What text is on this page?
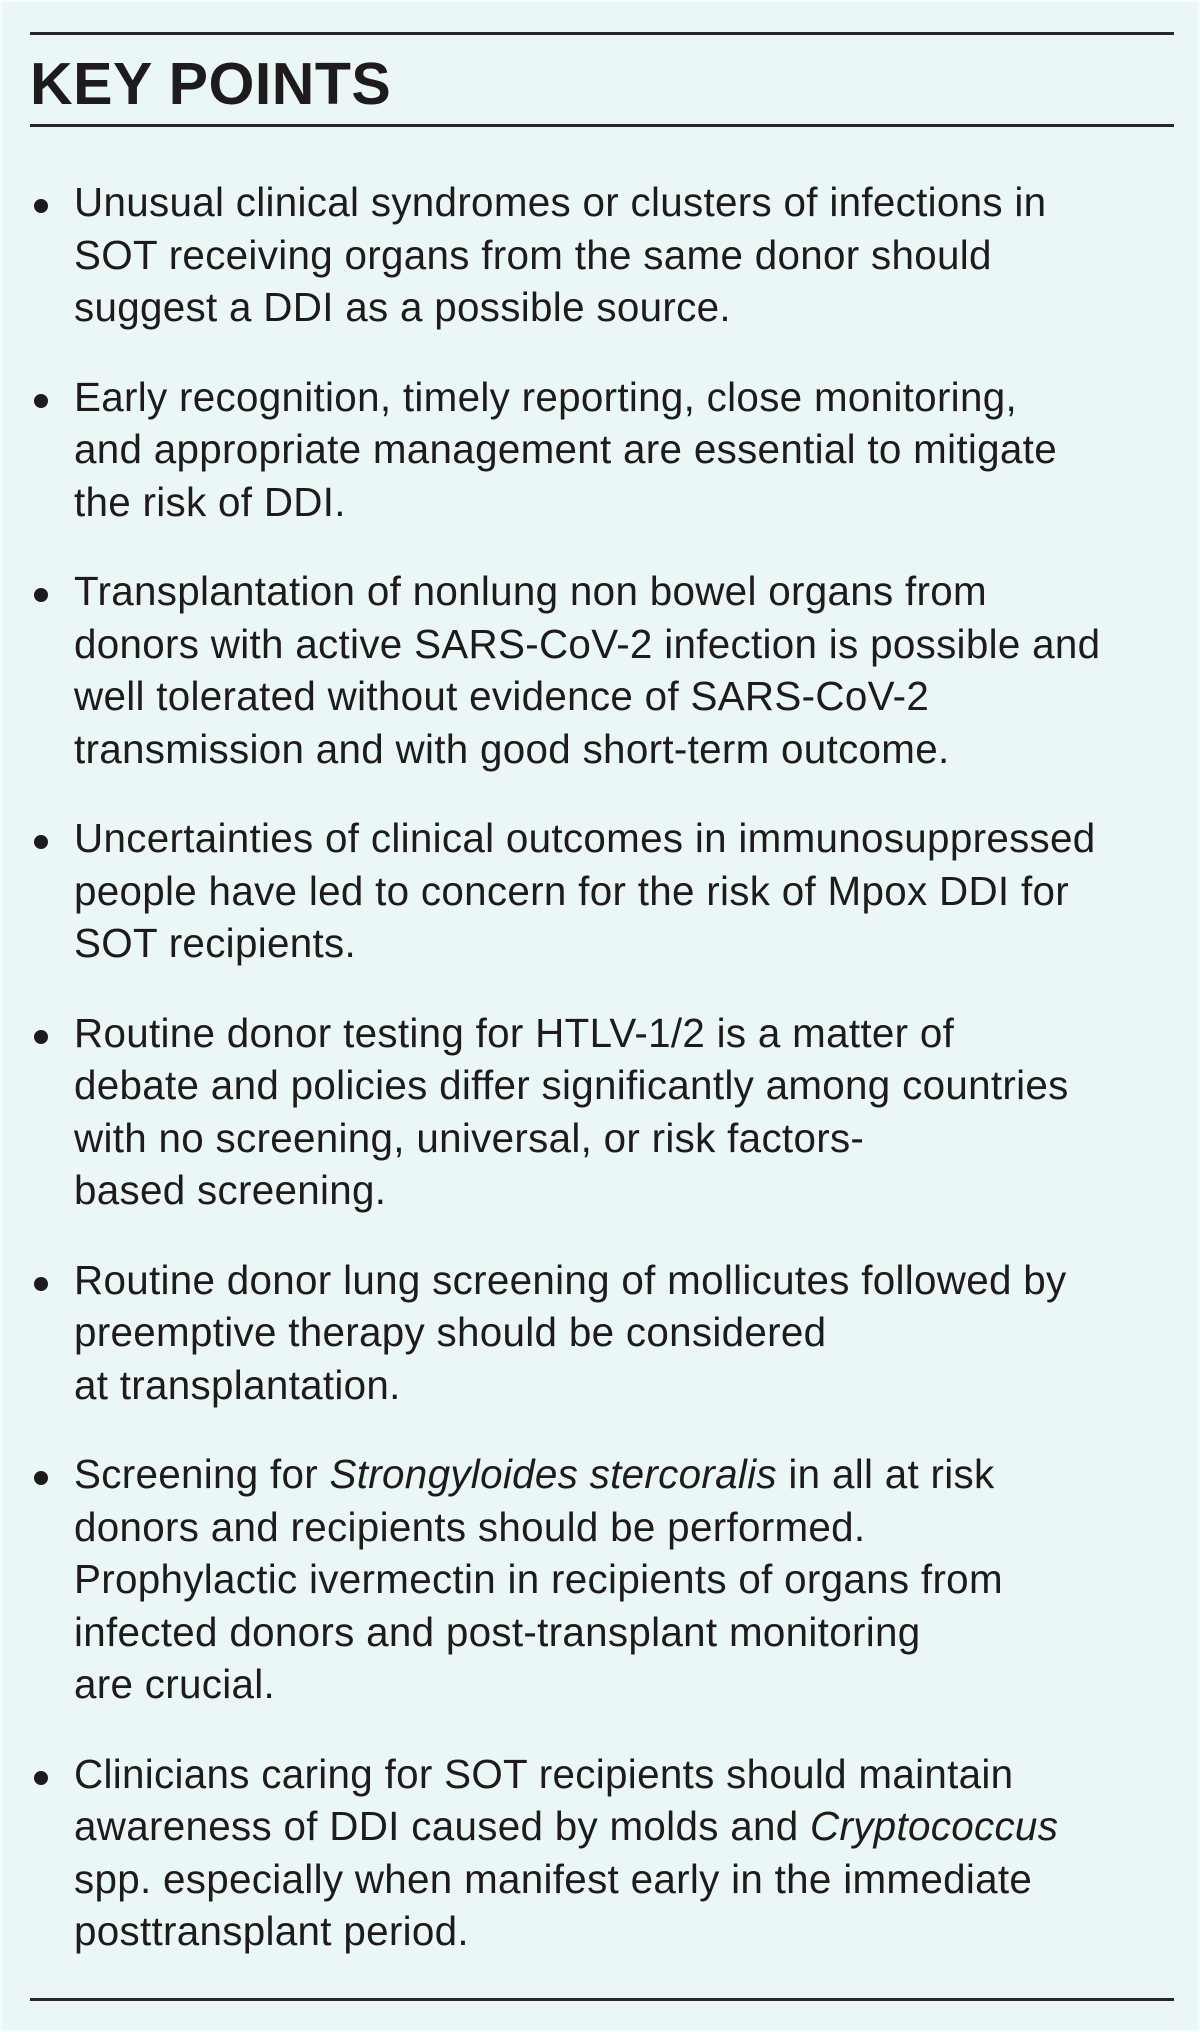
KEY POINTS
Unusual clinical syndromes or clusters of infections in
SOT receiving organs from the same donor should
suggest a DDI as a possible source.
Early recognition, timely reporting, close monitoring,
and appropriate management are essential to mitigate
the risk of DDI.
Transplantation of nonlung non bowel organs from
donors with active SARS-CoV-2 infection is possible and
well tolerated without evidence of SARS-CoV-2
transmission and with good short-term outcome.
Uncertainties of clinical outcomes in immunosuppressed
people have led to concern for the risk of Mpox DDI for
SOT recipients.
Routine donor testing for HTLV-1/2 is a matter of
debate and policies differ significantly among countries
with no screening, universal, or risk factors-
based screening.
Routine donor lung screening of mollicutes followed by
preemptive therapy should be considered
at transplantation.
Screening for Strongyloides stercoralis in all at risk
donors and recipients should be performed.
Prophylactic ivermectin in recipients of organs from
infected donors and post-transplant monitoring
are crucial.
Clinicians caring for SOT recipients should maintain
awareness of DDI caused by molds and Cryptococcus
spp. especially when manifest early in the immediate
posttransplant period.
